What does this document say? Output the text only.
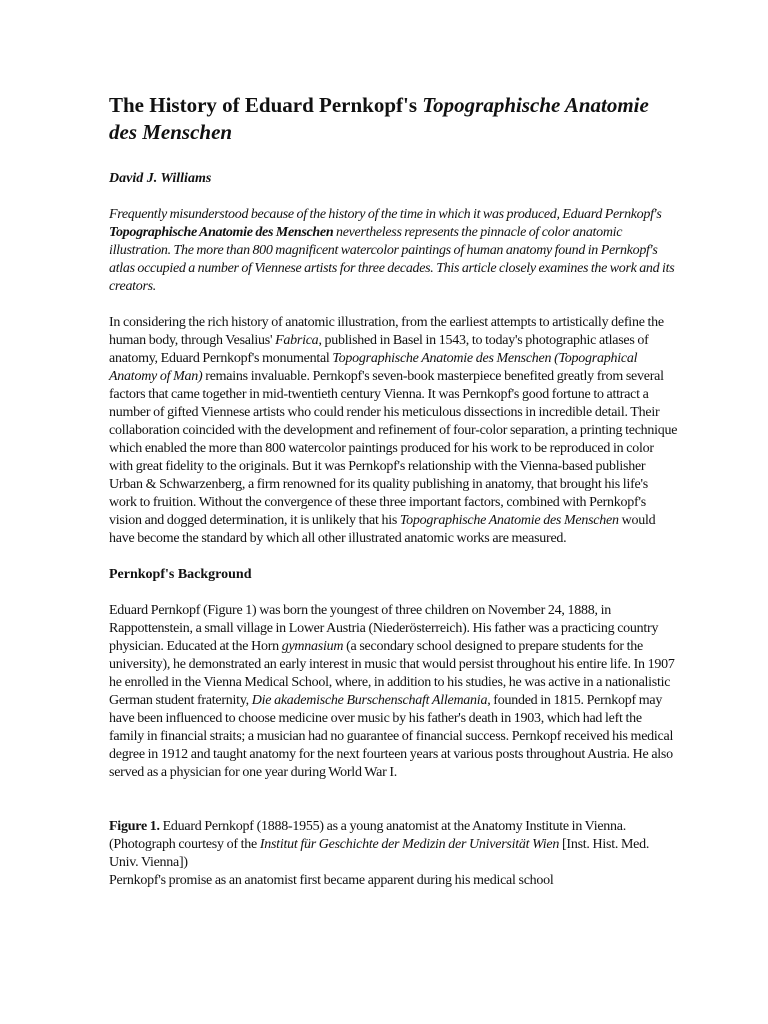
The History of Eduard Pernkopf's Topographische Anatomie des Menschen

David J. Williams

Frequently misunderstood because of the history of the time in which it was produced, Eduard Pernkopf's Topographische Anatomie des Menschen nevertheless represents the pinnacle of color anatomic illustration. The more than 800 magnificent watercolor paintings of human anatomy found in Pernkopf's atlas occupied a number of Viennese artists for three decades. This article closely examines the work and its creators.

In considering the rich history of anatomic illustration, from the earliest attempts to artistically define the human body, through Vesalius' Fabrica, published in Basel in 1543, to today's photographic atlases of anatomy, Eduard Pernkopf's monumental Topographische Anatomie des Menschen (Topographical Anatomy of Man) remains invaluable. Pernkopf's seven-book masterpiece benefited greatly from several factors that came together in mid-twentieth century Vienna. It was Pernkopf's good fortune to attract a number of gifted Viennese artists who could render his meticulous dissections in incredible detail. Their collaboration coincided with the development and refinement of four-color separation, a printing technique which enabled the more than 800 watercolor paintings produced for his work to be reproduced in color with great fidelity to the originals. But it was Pernkopf's relationship with the Vienna-based publisher Urban & Schwarzenberg, a firm renowned for its quality publishing in anatomy, that brought his life's work to fruition. Without the convergence of these three important factors, combined with Pernkopf's vision and dogged determination, it is unlikely that his Topographische Anatomie des Menschen would have become the standard by which all other illustrated anatomic works are measured.

Pernkopf's Background

Eduard Pernkopf (Figure 1) was born the youngest of three children on November 24, 1888, in Rappottenstein, a small village in Lower Austria (Niederösterreich). His father was a practicing country physician. Educated at the Horn gymnasium (a secondary school designed to prepare students for the university), he demonstrated an early interest in music that would persist throughout his entire life. In 1907 he enrolled in the Vienna Medical School, where, in addition to his studies, he was active in a nationalistic German student fraternity, Die akademische Burschenschaft Allemania, founded in 1815. Pernkopf may have been influenced to choose medicine over music by his father's death in 1903, which had left the family in financial straits; a musician had no guarantee of financial success. Pernkopf received his medical degree in 1912 and taught anatomy for the next fourteen years at various posts throughout Austria. He also served as a physician for one year during World War I.

Figure 1. Eduard Pernkopf (1888-1955) as a young anatomist at the Anatomy Institute in Vienna. (Photograph courtesy of the Institut für Geschichte der Medizin der Universität Wien [Inst. Hist. Med. Univ. Vienna])

Pernkopf's promise as an anatomist first became apparent during his medical school
